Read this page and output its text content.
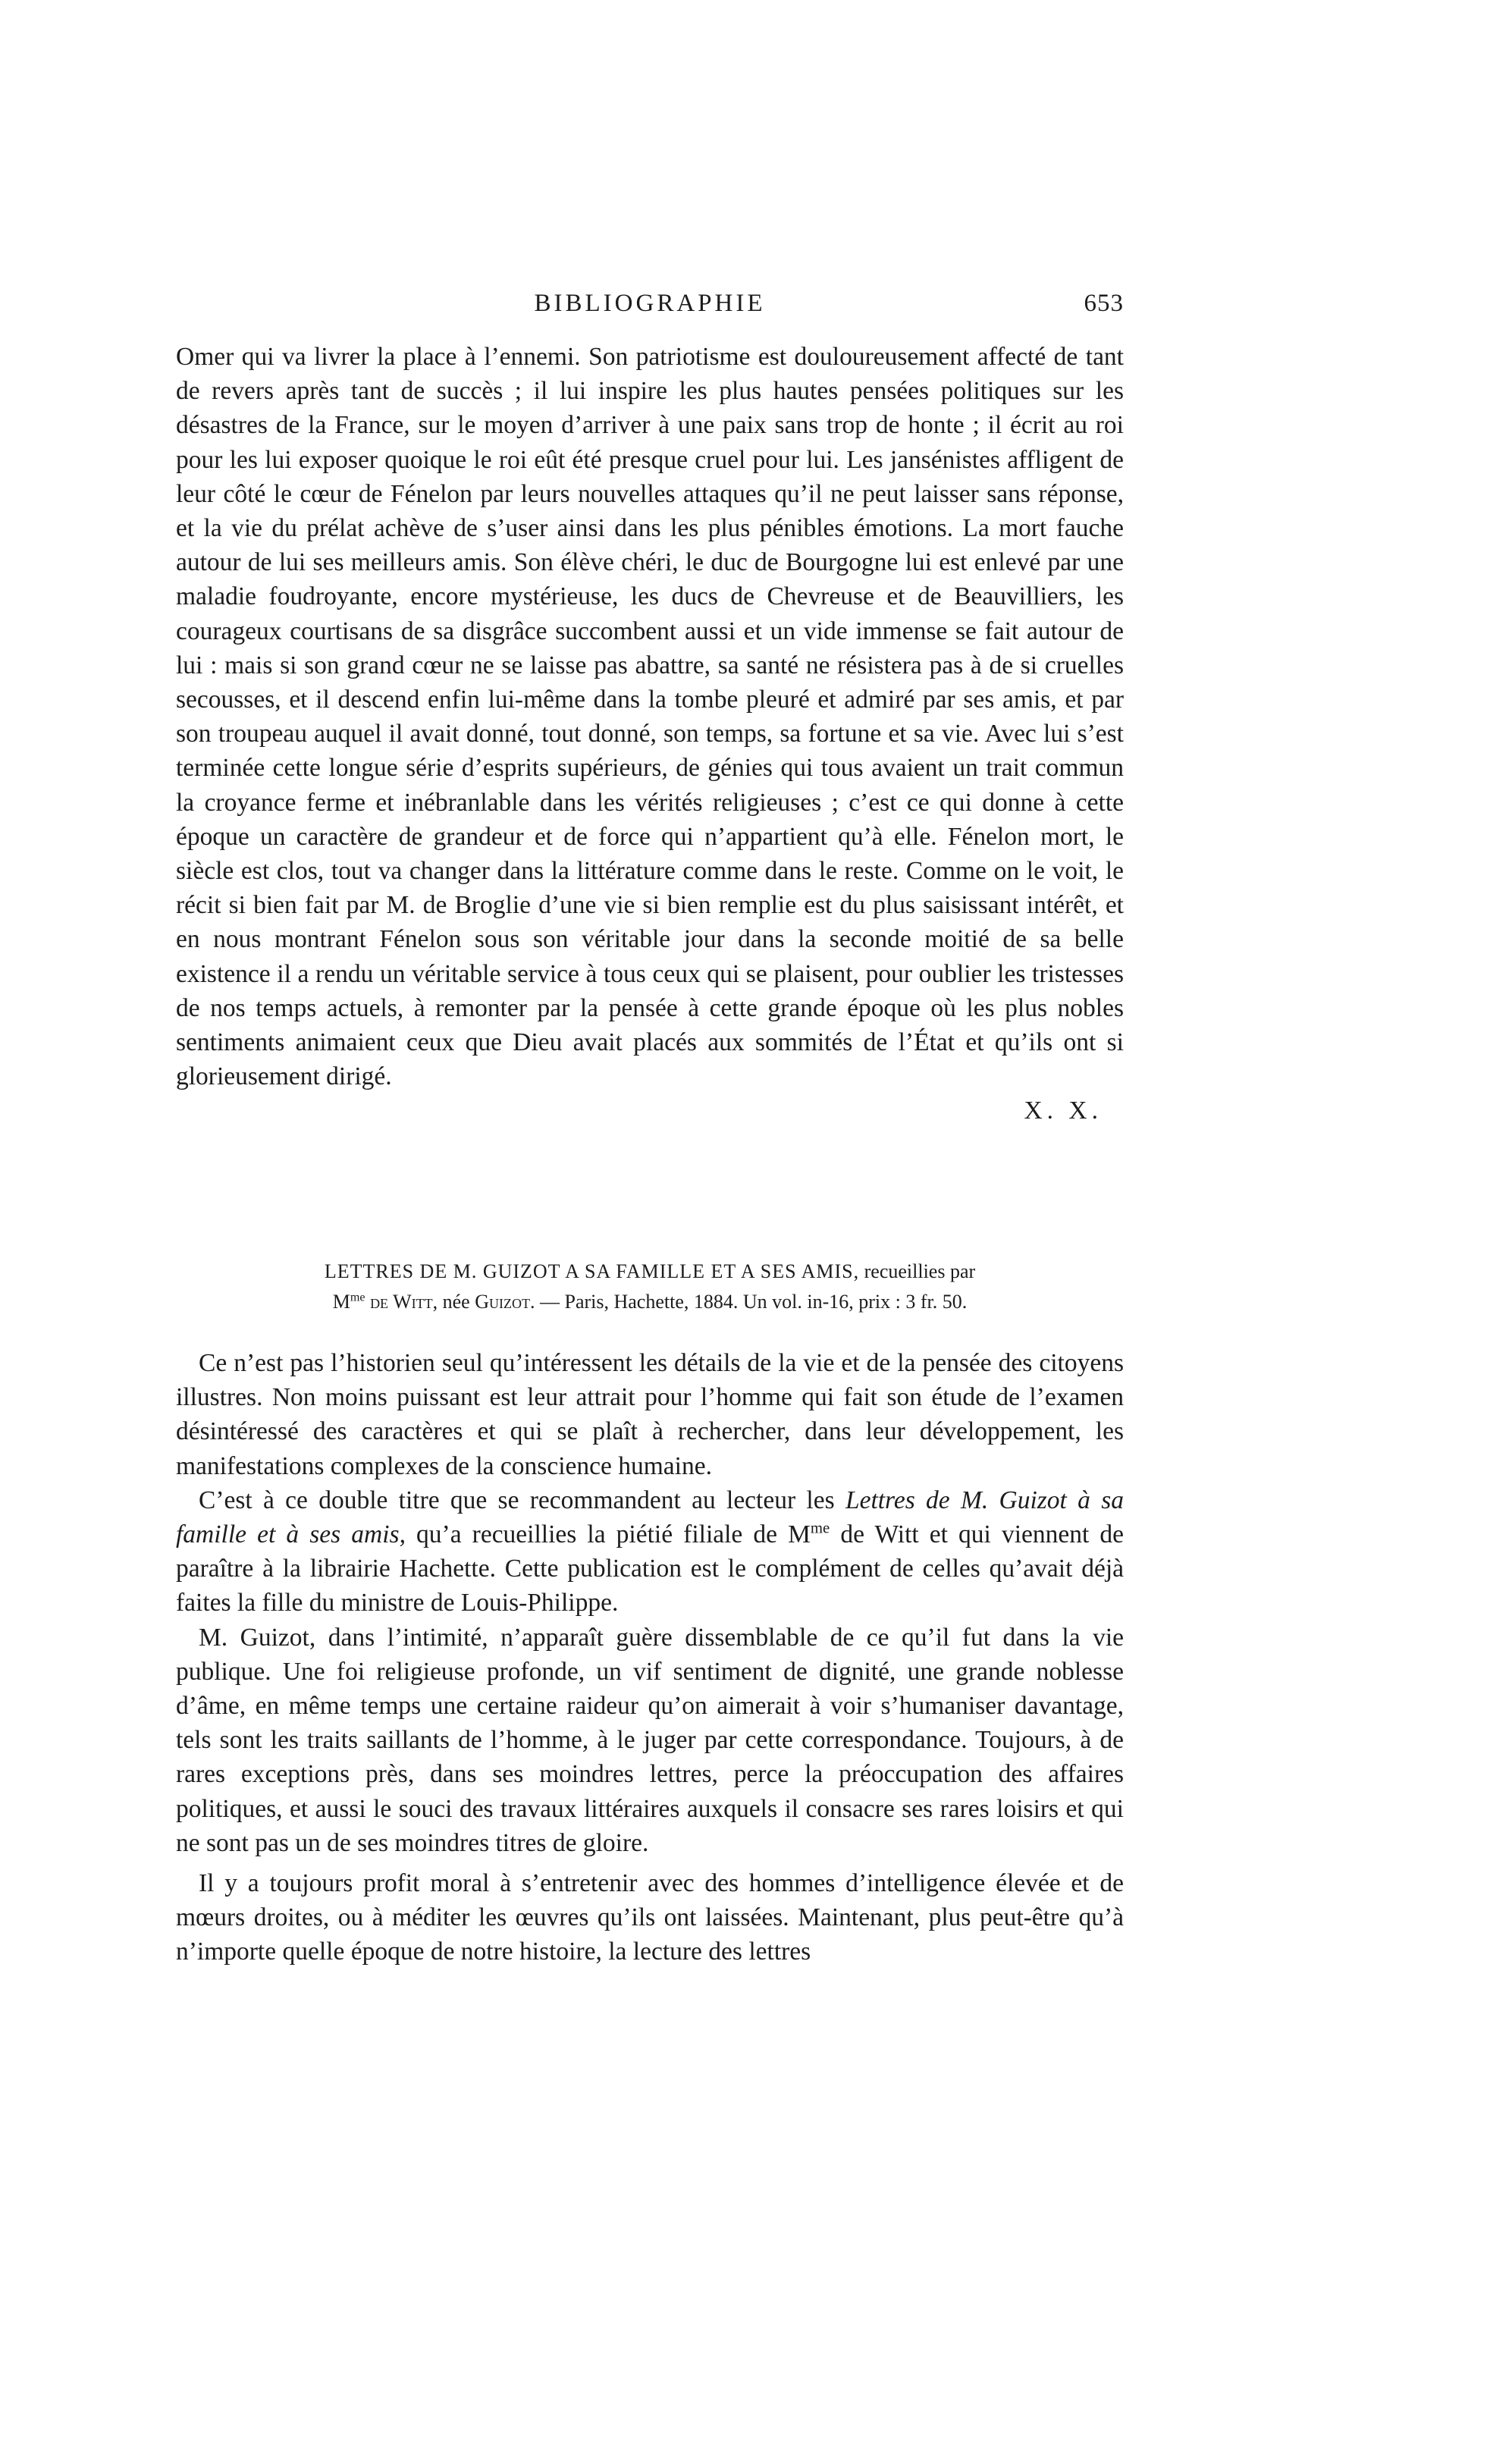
BIBLIOGRAPHIE	653

Omer qui va livrer la place à l’ennemi. Son patriotisme est douloureusement affecté de tant de revers après tant de succès ; il lui inspire les plus hautes pensées politiques sur les désastres de la France, sur le moyen d’arriver à une paix sans trop de honte ; il écrit au roi pour les lui exposer quoique le roi eût été presque cruel pour lui. Les jansénistes affligent de leur côté le cœur de Fénelon par leurs nouvelles attaques qu’il ne peut laisser sans réponse, et la vie du prélat achève de s’user ainsi dans les plus pénibles émotions. La mort fauche autour de lui ses meilleurs amis. Son élève chéri, le duc de Bourgogne lui est enlevé par une maladie foudroyante, encore mystérieuse, les ducs de Chevreuse et de Beauvilliers, les courageux courtisans de sa disgrâce succombent aussi et un vide immense se fait autour de lui : mais si son grand cœur ne se laisse pas abattre, sa santé ne résistera pas à de si cruelles secousses, et il descend enfin lui-même dans la tombe pleuré et admiré par ses amis, et par son troupeau auquel il avait donné, tout donné, son temps, sa fortune et sa vie. Avec lui s’est terminée cette longue série d’esprits supérieurs, de génies qui tous avaient un trait commun la croyance ferme et inébranlable dans les vérités religieuses ; c’est ce qui donne à cette époque un caractère de grandeur et de force qui n’appartient qu’à elle. Fénelon mort, le siècle est clos, tout va changer dans la littérature comme dans le reste. Comme on le voit, le récit si bien fait par M. de Broglie d’une vie si bien remplie est du plus saisissant intérêt, et en nous montrant Fénelon sous son véritable jour dans la seconde moitié de sa belle existence il a rendu un véritable service à tous ceux qui se plaisent, pour oublier les tristesses de nos temps actuels, à remonter par la pensée à cette grande époque où les plus nobles sentiments animaient ceux que Dieu avait placés aux sommités de l’État et qu’ils ont si glorieusement dirigé.

X. X.
LETTRES DE M. GUIZOT A SA FAMILLE ET A SES AMIS, recueillies par
$M^{me}$ de Witt, née Guizot. — Paris, Hachette, 1884. Un vol. in-16, prix : 3 fr. 50.

Ce n’est pas l’historien seul qu’intéressent les détails de la vie et de la pensée des citoyens illustres. Non moins puissant est leur attrait pour l’homme qui fait son étude de l’examen désintéressé des caractères et qui se plaît à rechercher, dans leur développement, les manifestations complexes de la conscience humaine.

C’est à ce double titre que se recommandent au lecteur les Lettres de M. Guizot à sa famille et à ses amis, qu’a recueillies la piétié filiale de $M^{me}$ de Witt et qui viennent de paraître à la librairie Hachette. Cette publication est le complément de celles qu’avait déjà faites la fille du ministre de Louis-Philippe.

M. Guizot, dans l’intimité, n’apparaît guère dissemblable de ce qu’il fut dans la vie publique. Une foi religieuse profonde, un vif sentiment de dignité, une grande noblesse d’âme, en même temps une certaine raideur qu’on aimerait à voir s’humaniser davantage, tels sont les traits saillants de l’homme, à le juger par cette correspondance. Toujours, à de rares exceptions près, dans ses moindres lettres, perce la préoccupation des affaires politiques, et aussi le souci des travaux littéraires auxquels il consacre ses rares loisirs et qui ne sont pas un de ses moindres titres de gloire.

Il y a toujours profit moral à s’entretenir avec des hommes d’intelligence élevée et de mœurs droites, ou à méditer les œuvres qu’ils ont laissées. Maintenant, plus peut-être qu’à n’importe quelle époque de notre histoire, la lecture des lettres
